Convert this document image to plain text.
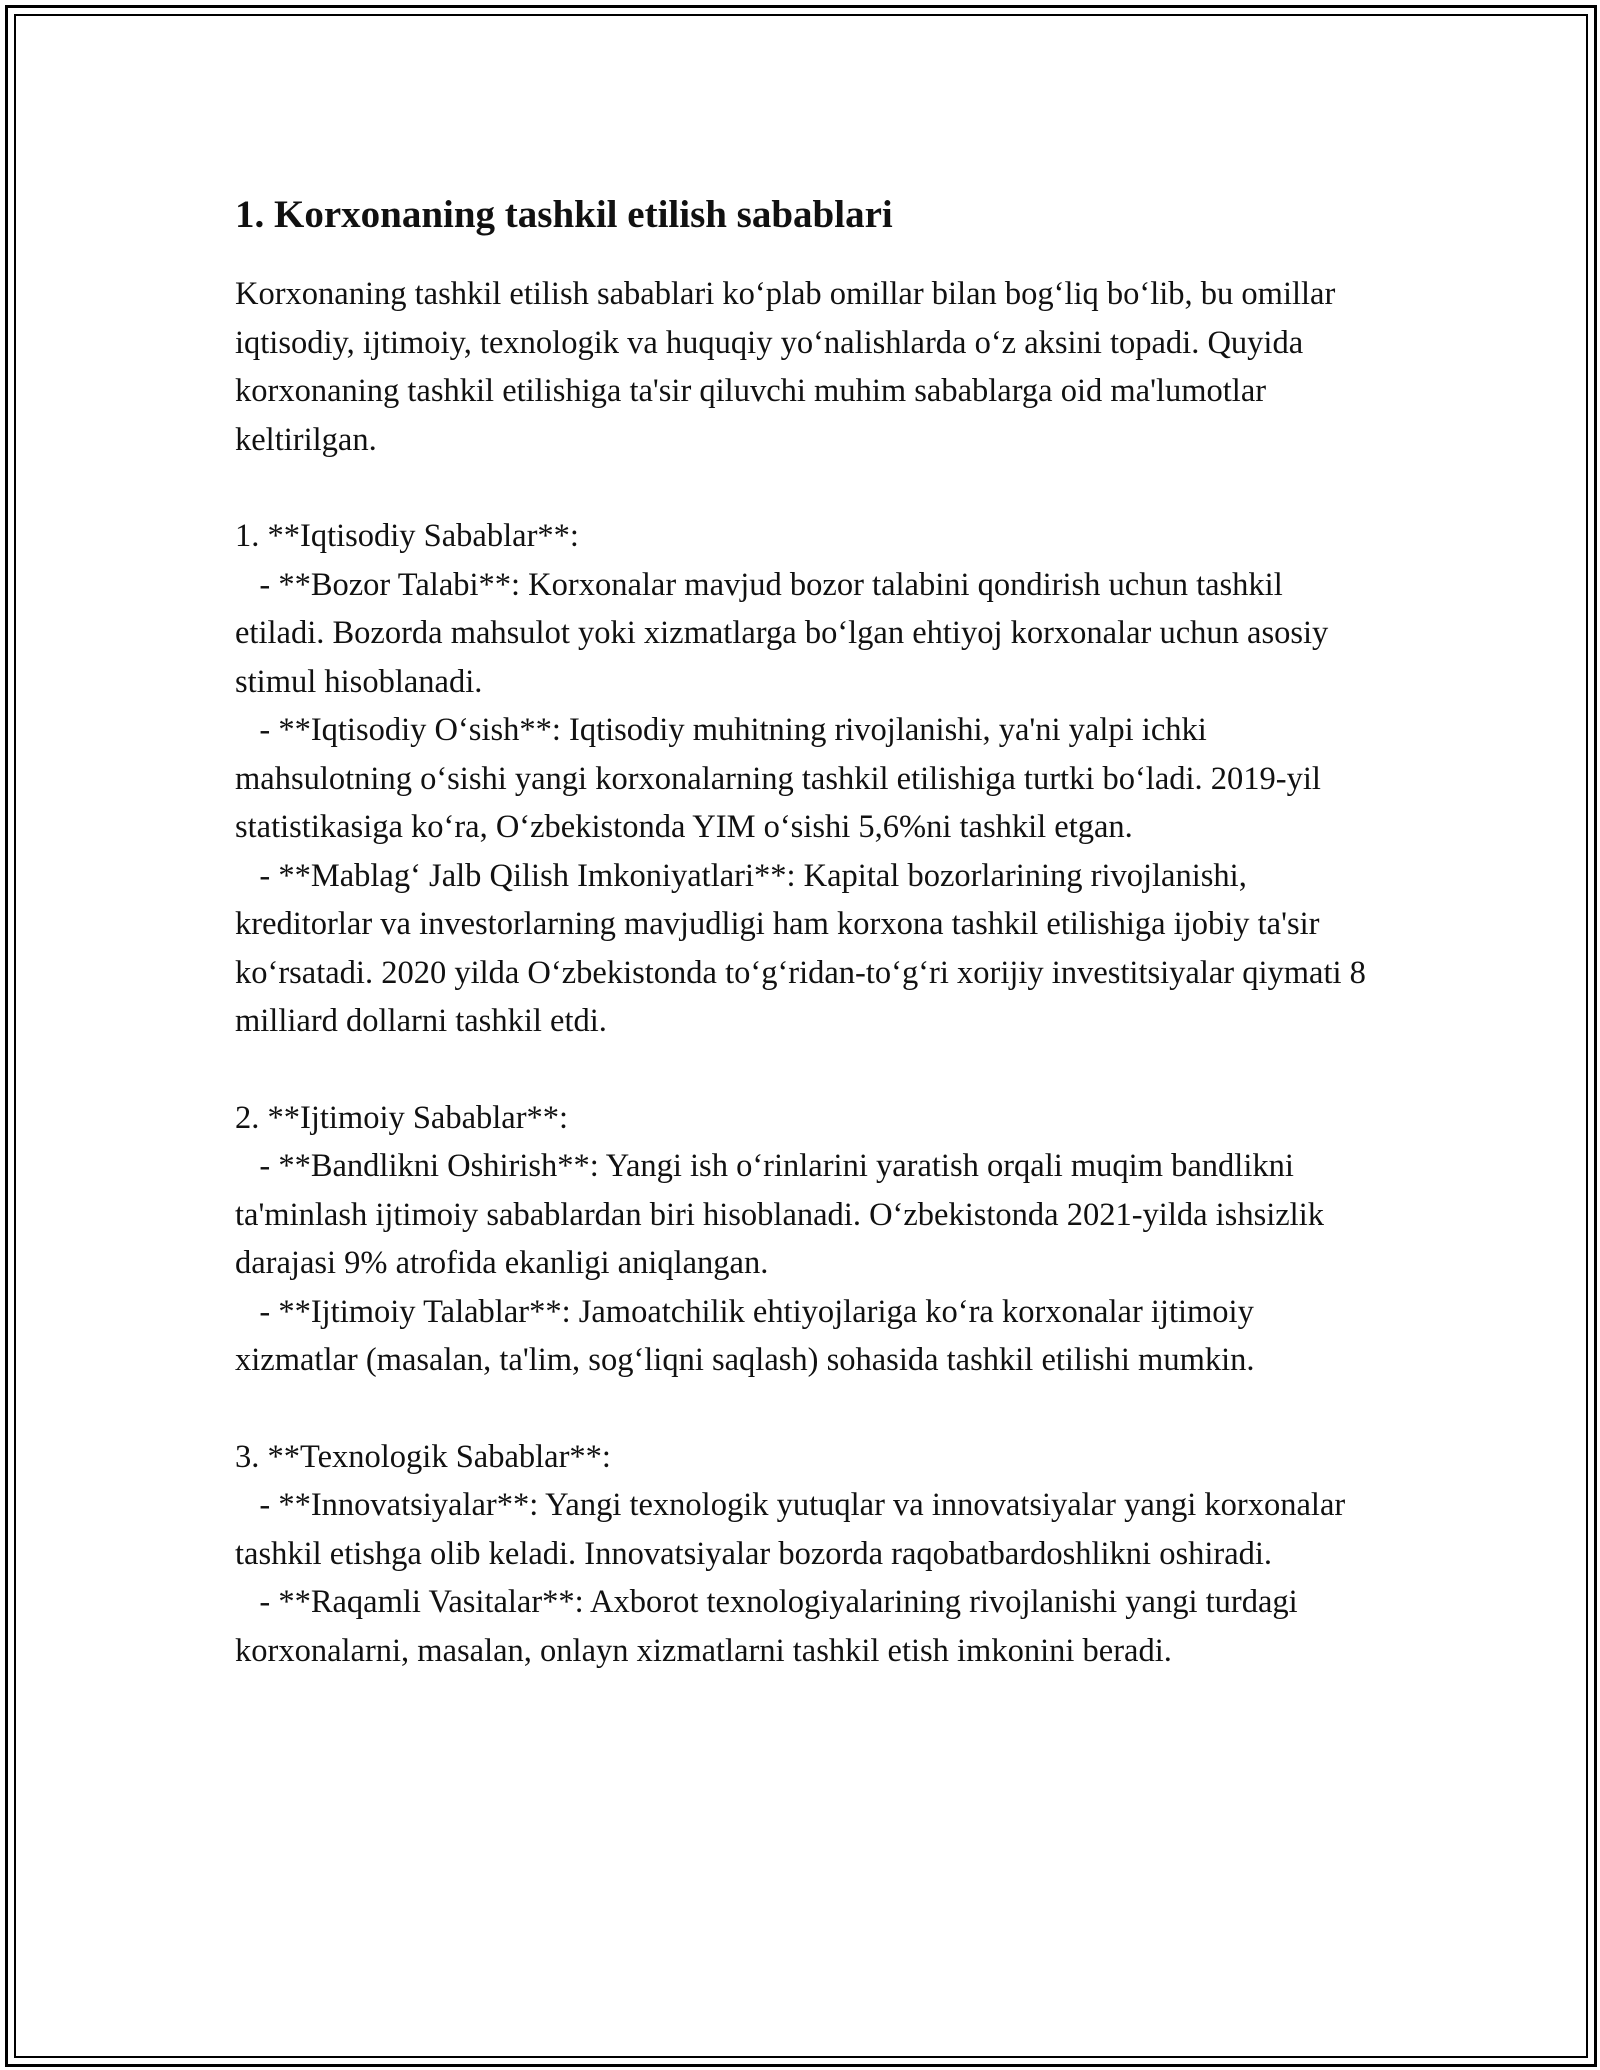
1. Korxonaning tashkil etilish sabablari

Korxonaning tashkil etilish sabablari koʻplab omillar bilan bogʻliq boʻlib, bu omillar iqtisodiy, ijtimoiy, texnologik va huquqiy yoʻnalishlarda oʻz aksini topadi. Quyida korxonaning tashkil etilishiga ta'sir qiluvchi muhim sabablarga oid ma'lumotlar keltirilgan.

1. **Iqtisodiy Sabablar**:

- **Bozor Talabi**: Korxonalar mavjud bozor talabini qondirish uchun tashkil etiladi. Bozorda mahsulot yoki xizmatlarga boʻlgan ehtiyoj korxonalar uchun asosiy stimul hisoblanadi.

- **Iqtisodiy Oʻsish**: Iqtisodiy muhitning rivojlanishi, ya'ni yalpi ichki mahsulotning oʻsishi yangi korxonalarning tashkil etilishiga turtki boʻladi. 2019-yil statistikasiga koʻra, Oʻzbekistonda YIM oʻsishi 5,6%ni tashkil etgan.

- **Mablagʻ Jalb Qilish Imkoniyatlari**: Kapital bozorlarining rivojlanishi, kreditorlar va investorlarning mavjudligi ham korxona tashkil etilishiga ijobiy ta'sir koʻrsatadi. 2020 yilda Oʻzbekistonda toʻgʻridan-toʻgʻri xorijiy investitsiyalar qiymati 8 milliard dollarni tashkil etdi.

2. **Ijtimoiy Sabablar**:

- **Bandlikni Oshirish**: Yangi ish oʻrinlarini yaratish orqali muqim bandlikni ta'minlash ijtimoiy sabablardan biri hisoblanadi. Oʻzbekistonda 2021-yilda ishsizlik darajasi 9% atrofida ekanligi aniqlangan.

- **Ijtimoiy Talablar**: Jamoatchilik ehtiyojlariga koʻra korxonalar ijtimoiy xizmatlar (masalan, ta'lim, sogʻliqni saqlash) sohasida tashkil etilishi mumkin.

3. **Texnologik Sabablar**:

- **Innovatsiyalar**: Yangi texnologik yutuqlar va innovatsiyalar yangi korxonalar tashkil etishga olib keladi. Innovatsiyalar bozorda raqobatbardoshlikni oshiradi.

- **Raqamli Vasitalar**: Axborot texnologiyalarining rivojlanishi yangi turdagi korxonalarni, masalan, onlayn xizmatlarni tashkil etish imkonini beradi.
